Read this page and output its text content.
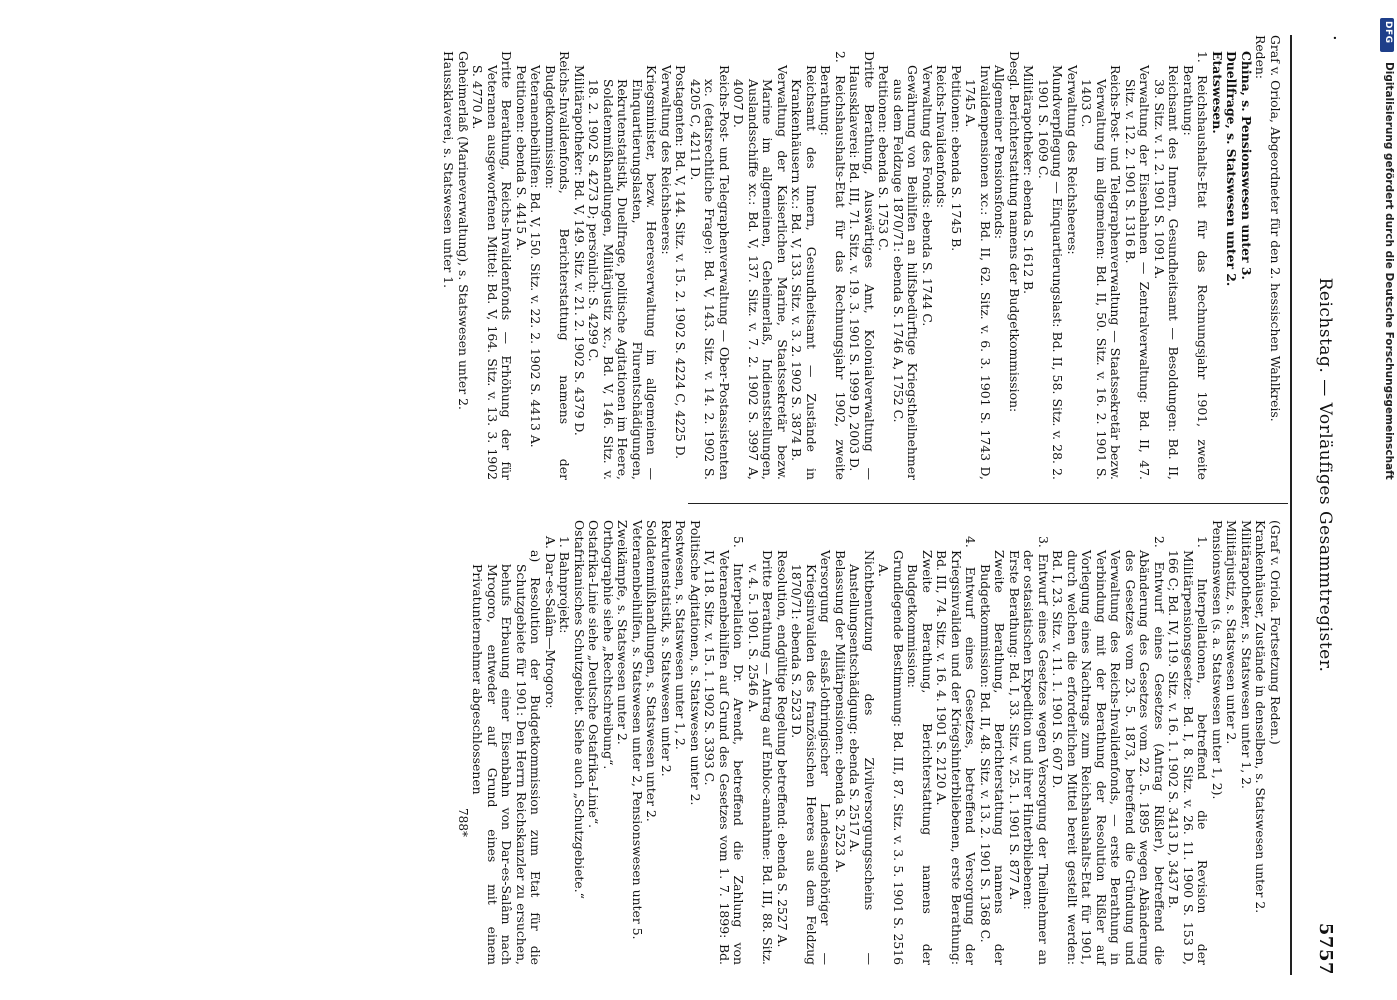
.
Reichstag. — Vorläufiges Gesammtregister.
5757

Graf v. Oriola, Abgeordneter für den 2. hessischen Wahlkreis.

Reden:

China, s. Pensionswesen unter 3.

Duellfrage, s. Statswesen unter 2.

Etatswesen.

1. Reichshaushalts-Etat für das Rechnungsjahr 1901, zweite Berathung:

Reichsamt des Innern, Gesundheitsamt — Besoldungen: Bd. II, 39. Sitz. v. 1. 2. 1901 S. 1091 A.

Verwaltung der Eisenbahnen — Zentralverwaltung: Bd. II, 47. Sitz. v. 12. 2. 1901 S. 1316 B.

Reichs-Post- und Telegraphenverwaltung — Staatssekretär bezw. Verwaltung im allgemeinen: Bd. II, 50. Sitz. v. 16. 2. 1901 S. 1403 C.

Verwaltung des Reichsheeres:

Mundverpflegung — Einquartierungslast: Bd. II, 58. Sitz. v. 28. 2. 1901 S. 1609 C.

Militärapotheker: ebenda S. 1612 B.

Desgl. Berichterstattung namens der Budgetkommission:

Allgemeiner Pensionsfonds:

Invalidenpensionen xc.: Bd. II, 62. Sitz. v. 6. 3. 1901 S. 1743 D, 1745 A.

Petitionen: ebenda S. 1745 B.

Reichs-Invalidenfonds:

Verwaltung des Fonds: ebenda S. 1744 C.

Gewährung von Beihilfen an hilfsbedürftige Kriegstheilnehmer aus dem Feldzuge 1870/71: ebenda S. 1746 A, 1752 C.

Petitionen: ebenda S. 1753 C.

Dritte Berathung, Auswärtiges Amt, Kolonialverwaltung — Haussklaverei: Bd. III, 71. Sitz. v. 19. 3. 1901 S. 1999 D, 2003 D.

2. Reichshaushalts-Etat für das Rechnungsjahr 1902, zweite Berathung:

Reichsamt des Innern, Gesundheitsamt — Zustände in Krankenhäusern xc.: Bd. V, 133. Sitz. v. 3. 2. 1902 S. 3874 B.

Verwaltung der Kaiserlichen Marine, Staatssekretär bezw. Marine im allgemeinen, Geheimerlaß, Indienststellungen, Auslandsschiffe xc.: Bd. V, 137. Sitz. v. 7. 2. 1902 S. 3997 A, 4007 D.

Reichs-Post- und Telegraphenverwaltung — Ober-Postassistenten xc. (etatsrechtliche Frage): Bd. V, 143. Sitz. v. 14. 2. 1902 S. 4205 C, 4211 D.

Postagenten: Bd. V, 144. Sitz. v. 15. 2. 1902 S. 4224 C, 4225 D.

Verwaltung des Reichsheeres:

Kriegsminister, bezw. Heeresverwaltung im allgemeinen — Einquartierungslasten, Flurentschädigungen, Rekrutenstatistik, Duellfrage, politische Agitationen im Heere, Soldatenmißhandlungen, Militärjustiz xc., Bd. V, 146. Sitz. v. 18. 2. 1902 S. 4273 D; persönlich: S. 4299 C.

Militärapotheker: Bd. V, 149. Sitz. v. 21. 2. 1902 S. 4379 D.

Reichs-Invalidenfonds, Berichterstattung namens der Budgetkommission:

Veteranenbeihilfen: Bd. V, 150. Sitz. v. 22. 2. 1902 S. 4413 A.

Petitionen: ebenda S. 4415 A.

Dritte Berathung, Reichs-Invalidenfonds — Erhöhung der für Veteranen ausgeworfenen Mittel: Bd. V, 164. Sitz. v. 13. 3. 1902 S. 4770 A.

Geheimerlaß (Marineverwaltung), s. Statswesen unter 2.

Haussklaverei, s. Statswesen unter 1.

(Graf v. Oriola. Fortsetzung Reden.)

Krankenhäuser, Zustände in denselben, s. Statswesen unter 2.

Militärapotheker, s. Statswesen unter 1, 2.

Militärjustiz, s. Statswesen unter 2.

Pensionswesen (s. a. Statswesen unter 1, 2).

1. Interpellationen, betreffend die Revision der Militärpensionsgesetze: Bd. I, 8. Sitz. v. 26. 11. 1900 S. 153 D, 166 C; Bd. IV, 119. Sitz. v. 16. 1. 1902 S. 3413 D, 3437 B.

2. Entwurf eines Gesetzes (Antrag Rißler), betreffend die Abänderung des Gesetzes vom 22. 5. 1895 wegen Abänderung des Gesetzes vom 23. 5. 1873, betreffend die Gründung und Verwaltung des Reichs-Invalidenfonds, — erste Berathung in Verbindung mit der Berathung der Resolution Rißler auf Vorlegung eines Nachtrags zum Reichshaushalts-Etat für 1901, durch welchen die erforderlichen Mittel bereit gestellt werden: Bd. I, 23. Sitz. v. 11. 1. 1901 S. 607 D.

3. Entwurf eines Gesetzes wegen Versorgung der Theilnehmer an der ostasiatischen Expedition und ihrer Hinterbliebenen:

Erste Berathung: Bd. I, 33. Sitz. v. 25. 1. 1901 S. 877 A.

Zweite Berathung, Berichterstattung namens der Budgetkommission: Bd. II, 48. Sitz. v. 13. 2. 1901 S. 1368 C.

4. Entwurf eines Gesetzes, betreffend Versorgung der Kriegsinvaliden und der Kriegshinterbliebenen, erste Berathung: Bd. III, 74. Sitz. v. 16. 4. 1901 S. 2120 A.

Zweite Berathung, Berichterstattung namens der Budgetkommission:

Grundlegende Bestimmung: Bd. III, 87. Sitz. v. 3. 5. 1901 S. 2516 A.

Nichtbenutzung des Zivilversorgungsscheins — Anstellungsentschädigung: ebenda S. 2517 A.

Belassung der Militärpensionen: ebenda S. 2523 A.

Versorgung elsaß-lothringischer Landesangehöriger — Kriegsinvaliden des französischen Heeres aus dem Feldzug 1870/71: ebenda S. 2523 D.

Resolution, endgültige Regelung betreffend: ebenda S. 2527 A.

Dritte Berathung — Antrag auf Enbloc-annahme: Bd. III, 88. Sitz. v. 4. 5. 1901. S. 2546 A.

5. Interpellation Dr. Arendt, betreffend die Zahlung von Veteranenbeihilfen auf Grund des Gesetzes vom 1. 7. 1899: Bd. IV, 118. Sitz. v. 15. 1. 1902 S. 3393 C.

Politische Agitationen, s. Statswesen unter 2.

Postwesen, s. Statswesen unter 1, 2.

Rekrutenstatistik, s. Statswesen unter 2.

Soldatenmißhandlungen, s. Statswesen unter 2.

Veteranenbeihilfen, s. Statswesen unter 2, Pensionswesen unter 5.

Zweikämpfe, s. Statswesen unter 2.

Orthographie siehe „Rechtschreibung“.

Ostafrika-Linie siehe „Deutsche Ostafrika-Linie“.

Ostafrikanisches Schutzgebiet. Siehe auch „Schutzgebiete.“

1. Bahnprojekt:

A. Dar-es-Salâm—Mrogoro:

a) Resolution der Budgetkommission zum Etat für die Schutzgebiete für 1901: Den Herrn Reichskanzler zu ersuchen, behufs Erbauung einer Eisenbahn von Dar-es-Salâm nach Mrogoro, entweder auf Grund eines mit einem Privatunternehmer abgeschlossenen

788*

DFG
Digitalisierung gefördert durch die Deutsche Forschungsgemeinschaft
